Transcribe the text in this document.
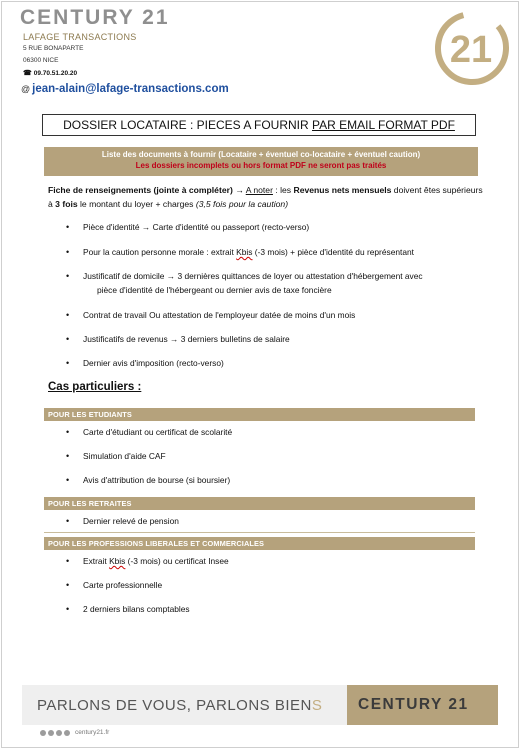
CENTURY 21
LAFAGE TRANSACTIONS
5 RUE BONAPARTE
06300 NICE
☎ 09.70.51.20.20
@ jean-alain@lafage-transactions.com
21
DOSSIER LOCATAIRE : PIECES A FOURNIR PAR EMAIL FORMAT PDF
Liste des documents à fournir (Locataire + éventuel co-locataire + éventuel caution)
Les dossiers incomplets ou hors format PDF ne seront pas traités
Fiche de renseignements (jointe à compléter) → A noter : les Revenus nets mensuels doivent êtes supérieurs à 3 fois le montant du loyer + charges (3,5 fois pour la caution)
• Pièce d'identité → Carte d'identité ou passeport (recto-verso)
• Pour la caution personne morale : extrait Kbis (-3 mois) + pièce d'identité du représentant
• Justificatif de domicile → 3 dernières quittances de loyer ou attestation d'hébergement avec
pièce d'identité de l'hébergeant ou dernier avis de taxe foncière
• Contrat de travail Ou attestation de l'employeur datée de moins d'un mois
• Justificatifs de revenus → 3 derniers bulletins de salaire
• Dernier avis d'imposition (recto-verso)
Cas particuliers :
POUR LES ETUDIANTS
• Carte d'étudiant ou certificat de scolarité
• Simulation d'aide CAF
• Avis d'attribution de bourse (si boursier)
POUR LES RETRAITES
• Dernier relevé de pension
POUR LES PROFESSIONS LIBERALES ET COMMERCIALES
• Extrait Kbis (-3 mois) ou certificat Insee
• Carte professionnelle
• 2 derniers bilans comptables
PARLONS DE VOUS, PARLONS BIENS CENTURY 21
century21.fr
